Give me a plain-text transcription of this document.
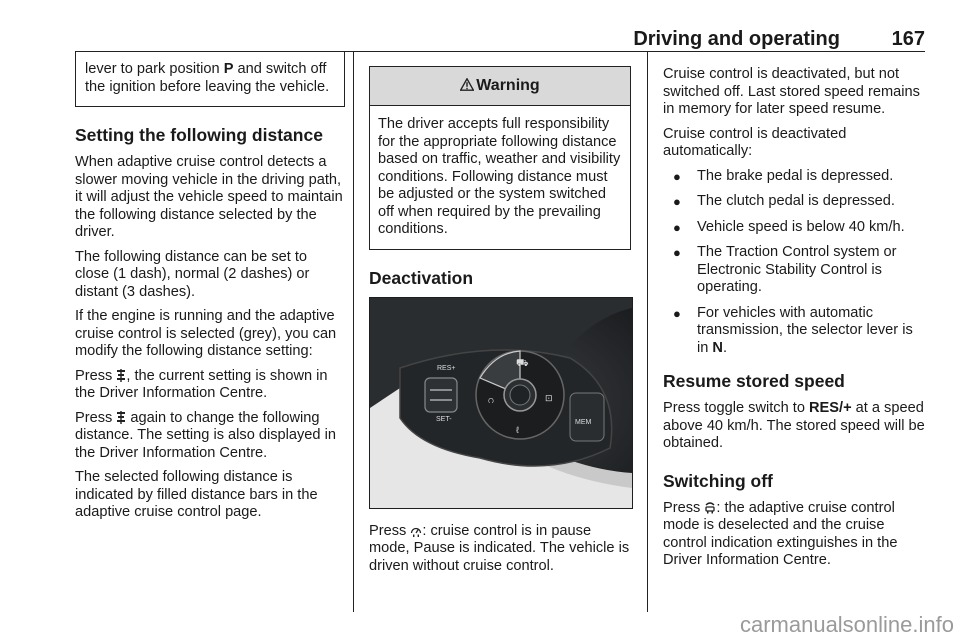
Driving and operating	167
lever to park position P and switch off the ignition before leaving the vehicle.
Setting the following distance

When adaptive cruise control detects a slower moving vehicle in the driving path, it will adjust the vehicle speed to maintain the following distance selected by the driver.

The following distance can be set to close (1 dash), normal (2 dashes) or distant (3 dashes).

If the engine is running and the adaptive cruise control is selected (grey), you can modify the following distance setting:

Press , the current setting is shown in the Driver Information Centre.

Press  again to change the following distance. The setting is also displayed in the Driver Information Centre.

The selected following distance is indicated by filled distance bars in the adaptive cruise control page.

Warning
The driver accepts full responsibility for the appropriate following distance based on traffic, weather and visibility conditions. Following distance must be adjusted or the system switched off when required by the prevailing conditions.
Deactivation
RES+
SET-
ဂ
⛟
⊡
ℓ
MEM

Press : cruise control is in pause mode, Pause is indicated. The vehicle is driven without cruise control.

Cruise control is deactivated, but not switched off. Last stored speed remains in memory for later speed resume.

Cruise control is deactivated automatically:

●	The brake pedal is depressed.
●	The clutch pedal is depressed.
●	Vehicle speed is below 40 km/h.
●	The Traction Control system or Electronic Stability Control is operating.
●	For vehicles with automatic transmission, the selector lever is in N.
Resume stored speed

Press toggle switch to RES/+ at a speed above 40 km/h. The stored speed will be obtained.

Switching off

Press : the adaptive cruise control mode is deselected and the cruise control indication extinguishes in the Driver Information Centre.

carmanualsonline.info
